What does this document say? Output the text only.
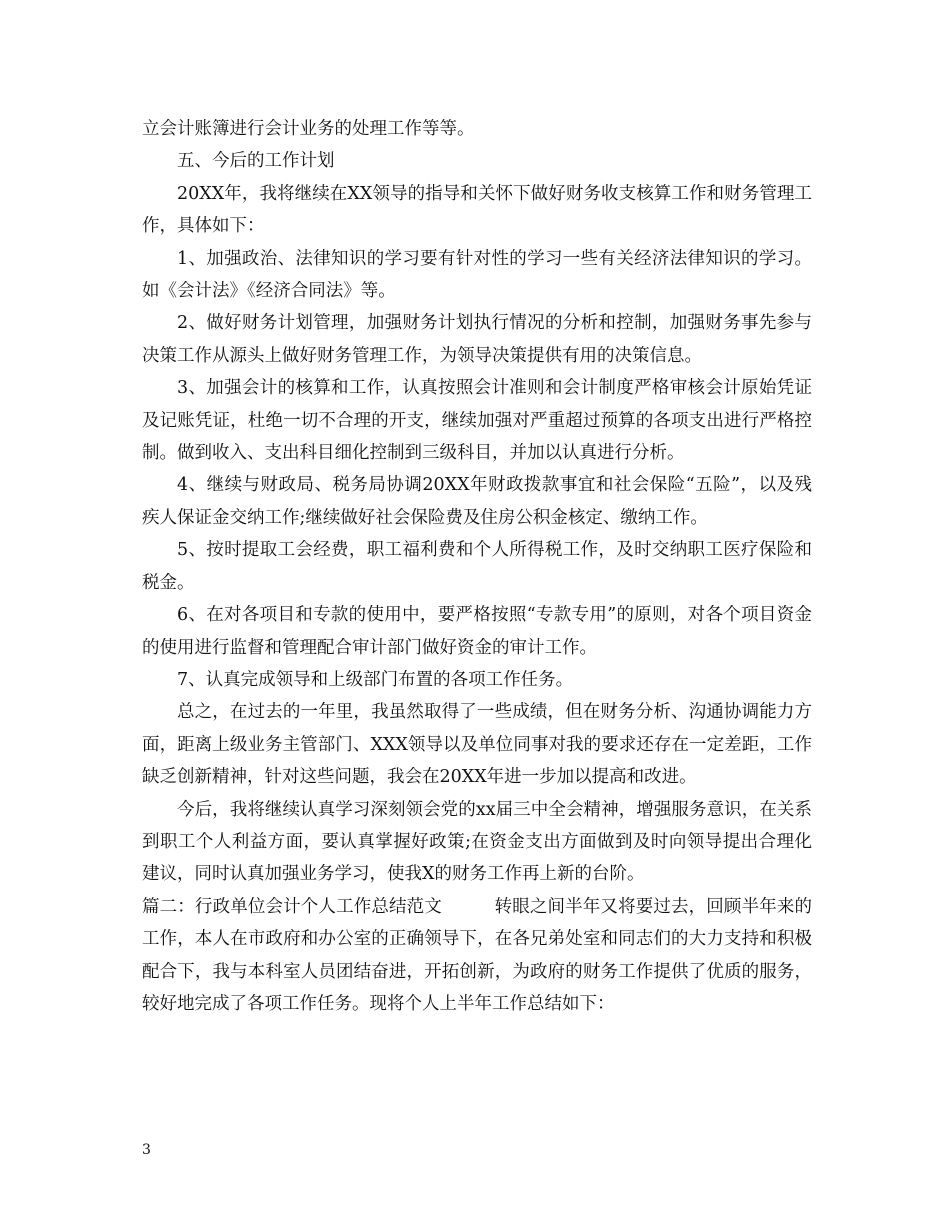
立会计账簿进行会计业务的处理工作等等。

五、今后的工作计划

20XX年，我将继续在XX领导的指导和关怀下做好财务收支核算工作和财务管理工作，具体如下：

1、加强政治、法律知识的学习要有针对性的学习一些有关经济法律知识的学习。如《会计法》《经济合同法》等。

2、做好财务计划管理，加强财务计划执行情况的分析和控制，加强财务事先参与决策工作从源头上做好财务管理工作，为领导决策提供有用的决策信息。

3、加强会计的核算和工作，认真按照会计准则和会计制度严格审核会计原始凭证及记账凭证，杜绝一切不合理的开支，继续加强对严重超过预算的各项支出进行严格控制。做到收入、支出科目细化控制到三级科目，并加以认真进行分析。

4、继续与财政局、税务局协调20XX年财政拨款事宜和社会保险“五险”，以及残疾人保证金交纳工作;继续做好社会保险费及住房公积金核定、缴纳工作。

5、按时提取工会经费，职工福利费和个人所得税工作，及时交纳职工医疗保险和税金。

6、在对各项目和专款的使用中，要严格按照“专款专用”的原则，对各个项目资金的使用进行监督和管理配合审计部门做好资金的审计工作。

7、认真完成领导和上级部门布置的各项工作任务。

总之，在过去的一年里，我虽然取得了一些成绩，但在财务分析、沟通协调能力方面，距离上级业务主管部门、XXX领导以及单位同事对我的要求还存在一定差距，工作缺乏创新精神，针对这些问题，我会在20XX年进一步加以提高和改进。

今后，我将继续认真学习深刻领会党的xx届三中全会精神，增强服务意识，在关系到职工个人利益方面，要认真掌握好政策;在资金支出方面做到及时向领导提出合理化建议，同时认真加强业务学习，使我X的财务工作再上新的台阶。

篇二：行政单位会计个人工作总结范文	转眼之间半年又将要过去，回顾半年来的工作，本人在市政府和办公室的正确领导下，在各兄弟处室和同志们的大力支持和积极配合下，我与本科室人员团结奋进，开拓创新，为政府的财务工作提供了优质的服务，较好地完成了各项工作任务。现将个人上半年工作总结如下：

3
